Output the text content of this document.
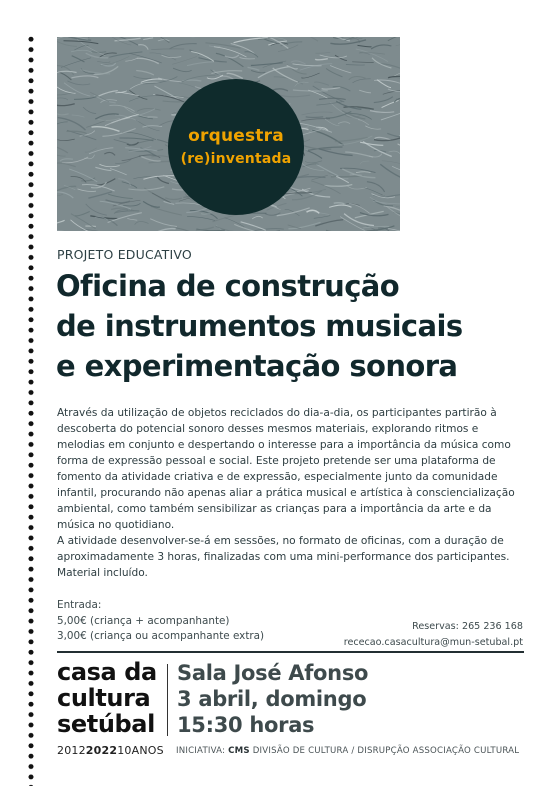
orquestra
(re)inventada
PROJETO EDUCATIVO
Oficina de construção
de instrumentos musicais
e experimentação sonora

Através da utilização de objetos reciclados do dia-a-dia, os participantes partirão à descoberta do potencial sonoro desses mesmos materiais, explorando ritmos e melodias em conjunto e despertando o interesse para a importância da música como forma de expressão pessoal e social. Este projeto pretende ser uma plataforma de fomento da atividade criativa e de expressão, especialmente junto da comunidade infantil, procurando não apenas aliar a prática musical e artística à consciencialização ambiental, como também sensibilizar as crianças para a importância da arte e da música no quotidiano.

A atividade desenvolver-se-á em sessões, no formato de oficinas, com a duração de aproximadamente 3 horas, finalizadas com uma mini-performance dos participantes.

Material incluído.

Entrada:
5,00€ (criança + acompanhante)
3,00€ (criança ou acompanhante extra)
Reservas: 265 236 168
rececao.casacultura@mun-setubal.pt
casa da
cultura
setúbal
2012202210ANOS
Sala José Afonso
3 abril, domingo
15:30 horas
INICIATIVA: CMS DIVISÃO DE CULTURA / DISRUPÇÃO ASSOCIAÇÃO CULTURAL
